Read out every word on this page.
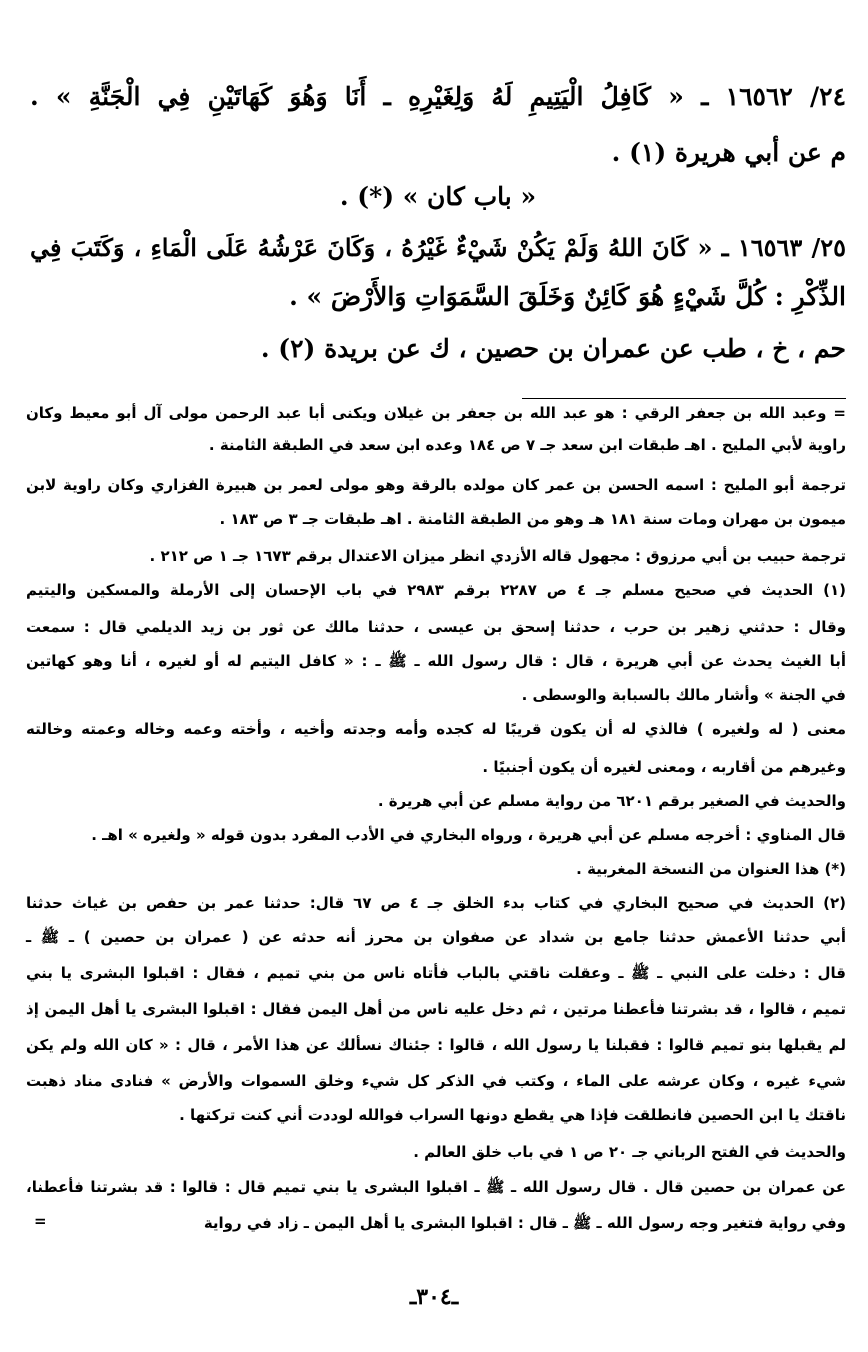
٢٤/ ١٦٥٦٢ ـ « كَافِلُ الْيَتِيمِ لَهُ وَلِغَيْرِهِ ـ أَنَا وَهُوَ كَهَاتَيْنِ فِي الْجَنَّةِ » .
م عن أبي هريرة (١) .
« باب كان » (*) .
٢٥/ ١٦٥٦٣ ـ « كَانَ اللهُ وَلَمْ يَكُنْ شَيْءٌ غَيْرُهُ ، وَكَانَ عَرْشُهُ عَلَى الْمَاءِ ، وَكَتَبَ فِي
الذِّكْرِ : كُلَّ شَيْءٍ هُوَ كَائِنٌ وَخَلَقَ السَّمَوَاتِ وَالأَرْضَ » .
حم ، خ ، طب عن عمران بن حصين ، ك عن بريدة (٢) .
= وعبد الله بن جعفر الرقي : هو عبد الله بن جعفر بن غيلان ويكنى أبا عبد الرحمن مولى آل أبو معيط وكان
راوية لأبي المليح . اهـ طبقات ابن سعد جـ ٧ ص ١٨٤ وعده ابن سعد في الطبقة الثامنة .
ترجمة أبو المليح : اسمه الحسن بن عمر كان مولده بالرقة وهو مولى لعمر بن هبيرة الفزاري وكان راوية لابن
ميمون بن مهران ومات سنة ١٨١ هـ وهو من الطبقة الثامنة . اهـ طبقات جـ ٣ ص ١٨٣ .
ترجمة حبيب بن أبي مرزوق : مجهول قاله الأزدي انظر ميزان الاعتدال برقم ١٦٧٣ جـ ١ ص ٢١٢ .
(١) الحديث في صحيح مسلم جـ ٤ ص ٢٢٨٧ برقم ٢٩٨٣ في باب الإحسان إلى الأرملة والمسكين واليتيم
وقال : حدثني زهير بن حرب ، حدثنا إسحق بن عيسى ، حدثنا مالك عن ثور بن زيد الديلمي قال : سمعت
أبا الغيث يحدث عن أبي هريرة ، قال : قال رسول الله ـ ﷺ ـ : « كافل اليتيم له أو لغيره ، أنا وهو كهاتين
في الجنة » وأشار مالك بالسبابة والوسطى .
معنى ( له ولغيره ) فالذي له أن يكون قريبًا له كجده وأمه وجدته وأخيه ، وأخته وعمه وخاله وعمته وخالته
وغيرهم من أقاربه ، ومعنى لغيره أن يكون أجنبيًا .
والحديث في الصغير برقم ٦٢٠١ من رواية مسلم عن أبي هريرة .
قال المناوي : أخرجه مسلم عن أبي هريرة ، ورواه البخاري في الأدب المفرد بدون قوله « ولغيره » اهـ .
(*) هذا العنوان من النسخة المغربية .
(٢) الحديث في صحيح البخاري في كتاب بدء الخلق جـ ٤ ص ٦٧ قال: حدثنا عمر بن حفص بن غياث حدثنا
أبي حدثنا الأعمش حدثنا جامع بن شداد عن صفوان بن محرز أنه حدثه عن ( عمران بن حصين ) ـ ﷺ ـ
قال : دخلت على النبي ـ ﷺ ـ وعقلت ناقتي بالباب فأتاه ناس من بني تميم ، فقال : اقبلوا البشرى يا بني
تميم ، قالوا ، قد بشرتنا فأعطنا مرتين ، ثم دخل عليه ناس من أهل اليمن فقال : اقبلوا البشرى يا أهل اليمن إذ
لم يقبلها بنو تميم قالوا : فقبلنا يا رسول الله ، قالوا : جئناك نسألك عن هذا الأمر ، قال : « كان الله ولم يكن
شيء غيره ، وكان عرشه على الماء ، وكتب في الذكر كل شيء وخلق السموات والأرض » فنادى مناد ذهبت
ناقتك يا ابن الحصين فانطلقت فإذا هي يقطع دونها السراب فوالله لوددت أني كنت تركتها .
والحديث في الفتح الرباني جـ ٢٠ ص ١ في باب خلق العالم .
عن عمران بن حصين قال . قال رسول الله ـ ﷺ ـ اقبلوا البشرى يا بني تميم قال : قالوا : قد بشرتنا فأعطنا،
وفي رواية فتغير وجه رسول الله ـ ﷺ ـ قال : اقبلوا البشرى يا أهل اليمن ـ زاد في رواية
=
ـ٣٠٤ـ
